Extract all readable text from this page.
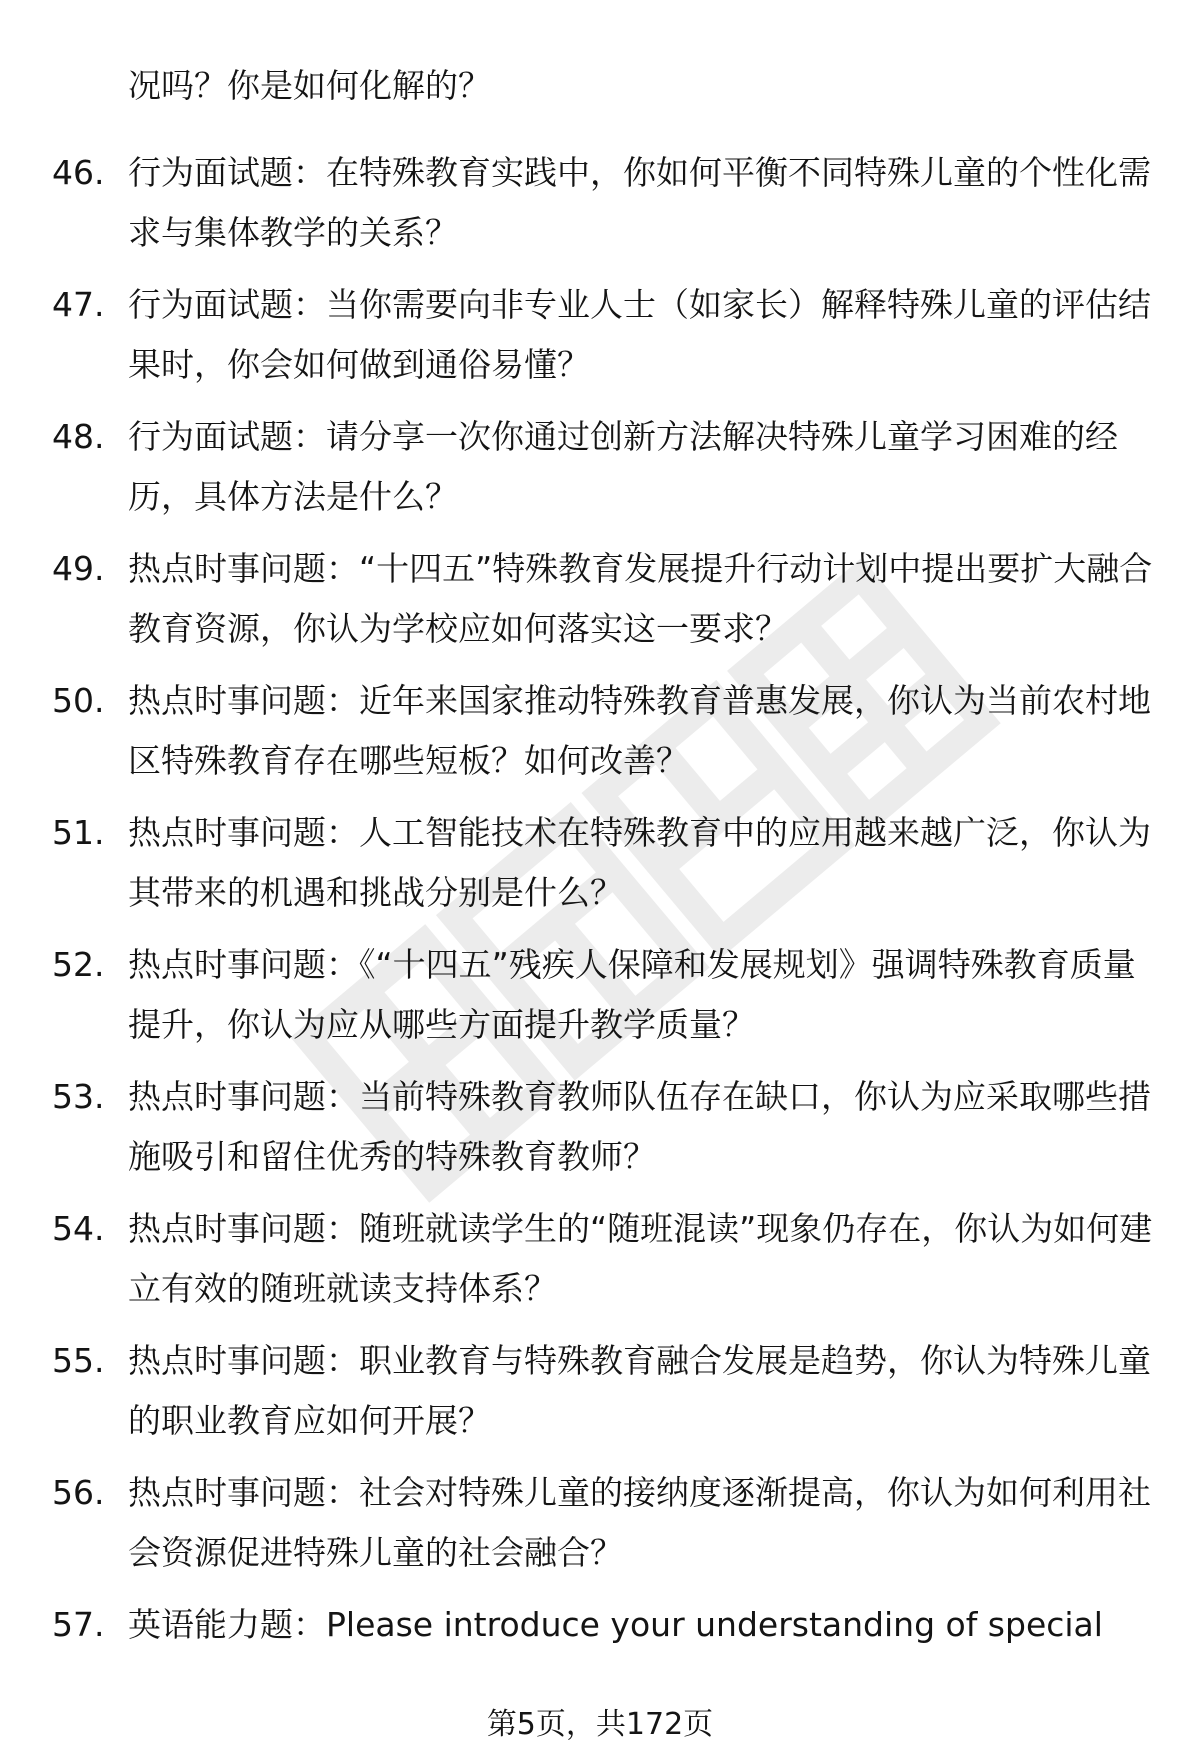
况吗？你是如何化解的？
46. 行为面试题：在特殊教育实践中，你如何平衡不同特殊儿童的个性化需求与集体教学的关系？
47. 行为面试题：当你需要向非专业人士（如家长）解释特殊儿童的评估结果时，你会如何做到通俗易懂？
48. 行为面试题：请分享一次你通过创新方法解决特殊儿童学习困难的经历，具体方法是什么？
49. 热点时事问题：“十四五”特殊教育发展提升行动计划中提出要扩大融合教育资源，你认为学校应如何落实这一要求？
50. 热点时事问题：近年来国家推动特殊教育普惠发展，你认为当前农村地区特殊教育存在哪些短板？如何改善？
51. 热点时事问题：人工智能技术在特殊教育中的应用越来越广泛，你认为其带来的机遇和挑战分别是什么？
52. 热点时事问题：《“十四五”残疾人保障和发展规划》强调特殊教育质量提升，你认为应从哪些方面提升教学质量？
53. 热点时事问题：当前特殊教育教师队伍存在缺口，你认为应采取哪些措施吸引和留住优秀的特殊教育教师？
54. 热点时事问题：随班就读学生的“随班混读”现象仍存在，你认为如何建立有效的随班就读支持体系？
55. 热点时事问题：职业教育与特殊教育融合发展是趋势，你认为特殊儿童的职业教育应如何开展？
56. 热点时事问题：社会对特殊儿童的接纳度逐渐提高，你认为如何利用社会资源促进特殊儿童的社会融合？
57. 英语能力题：Please introduce your understanding of special
第5页，共172页
